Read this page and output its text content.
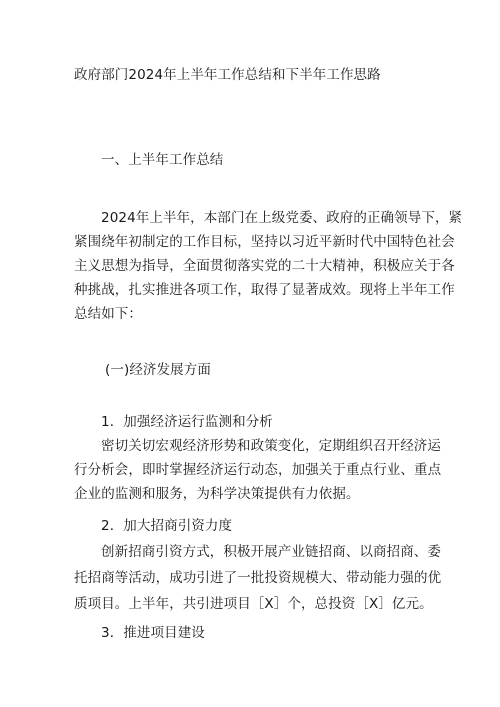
政府部门2024年上半年工作总结和下半年工作思路
一、上半年工作总结
2024年上半年，本部门在上级党委、政府的正确领导下，紧
紧围绕年初制定的工作目标，坚持以习近平新时代中国特色社会
主义思想为指导，全面贯彻落实党的二十大精神，积极应关于各
种挑战，扎实推进各项工作，取得了显著成效。现将上半年工作
总结如下：
(一)经济发展方面
1．加强经济运行监测和分析
密切关切宏观经济形势和政策变化，定期组织召开经济运
行分析会，即时掌握经济运行动态，加强关于重点行业、重点
企业的监测和服务，为科学决策提供有力依据。
2．加大招商引资力度
创新招商引资方式，积极开展产业链招商、以商招商、委
托招商等活动，成功引进了一批投资规模大、带动能力强的优
质项目。上半年，共引进项目［X］个，总投资［X］亿元。
3．推进项目建设
